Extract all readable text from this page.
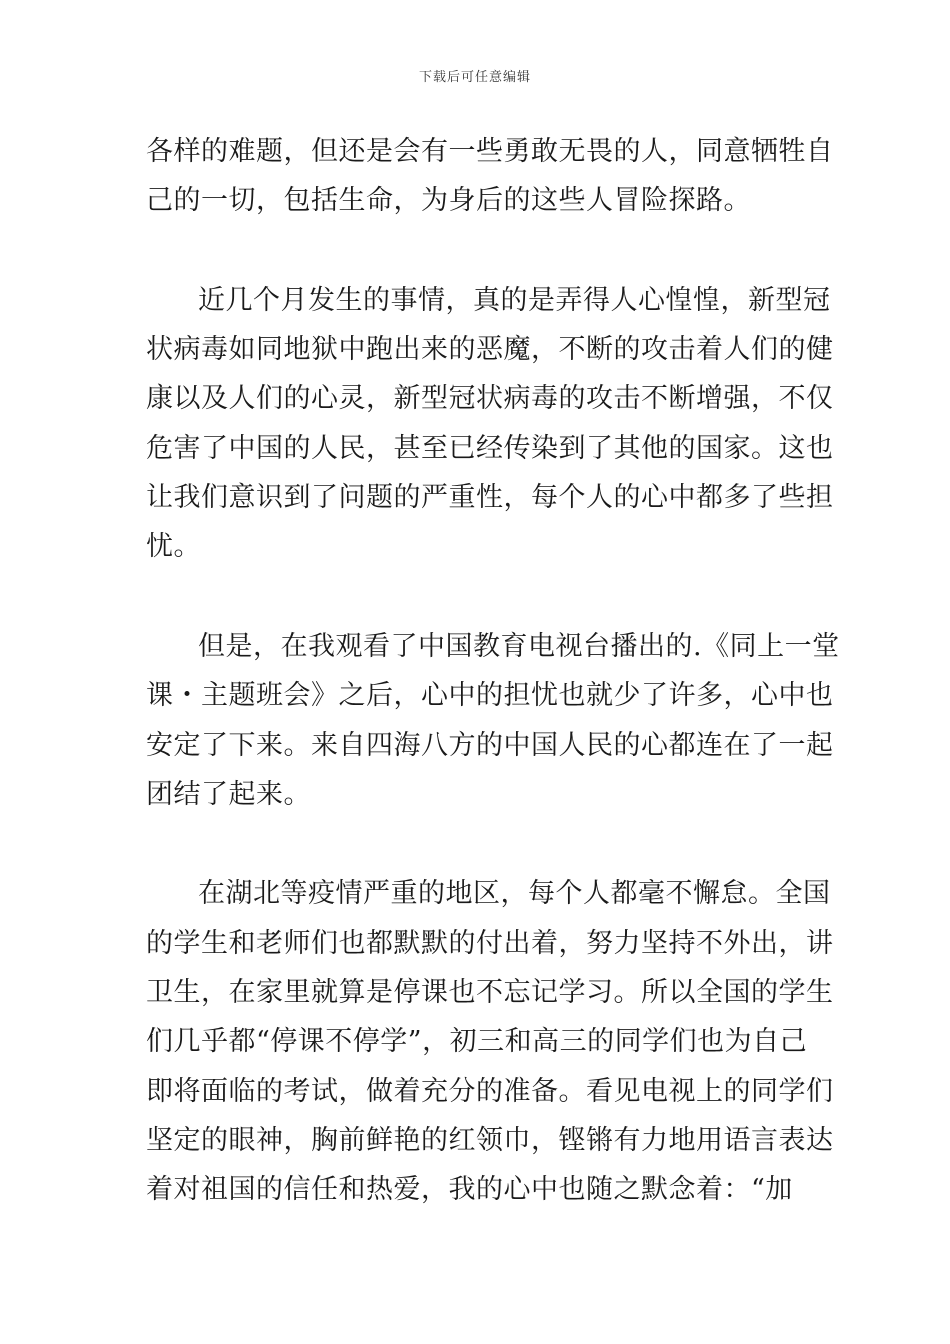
下载后可任意编辑
各样的难题，但还是会有一些勇敢无畏的人，同意牺牲自
己的一切，包括生命，为身后的这些人冒险探路。
近几个月发生的事情，真的是弄得人心惶惶，新型冠
状病毒如同地狱中跑出来的恶魔，不断的攻击着人们的健
康以及人们的心灵，新型冠状病毒的攻击不断增强，不仅
危害了中国的人民，甚至已经传染到了其他的国家。这也
让我们意识到了问题的严重性，每个人的心中都多了些担
忧。
但是，在我观看了中国教育电视台播出的.《同上一堂
课・主题班会》之后，心中的担忧也就少了许多，心中也
安定了下来。来自四海八方的中国人民的心都连在了一起
团结了起来。
在湖北等疫情严重的地区，每个人都毫不懈怠。全国
的学生和老师们也都默默的付出着，努力坚持不外出，讲
卫生，在家里就算是停课也不忘记学习。所以全国的学生
们几乎都“停课不停学”，初三和高三的同学们也为自己
即将面临的考试，做着充分的准备。看见电视上的同学们
坚定的眼神，胸前鲜艳的红领巾，铿锵有力地用语言表达
着对祖国的信任和热爱，我的心中也随之默念着：“加
